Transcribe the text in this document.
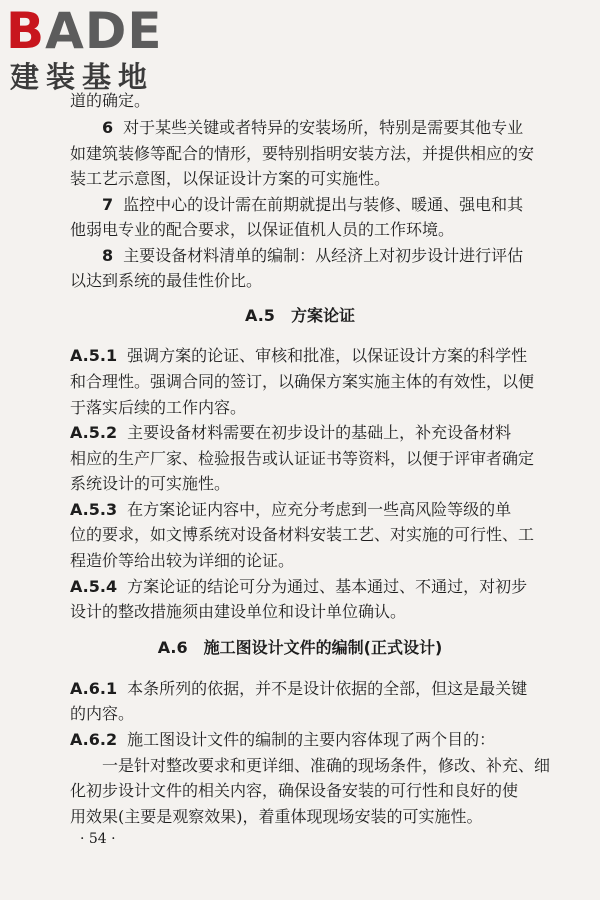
BADE
建装基地
道的确定。
6 对于某些关键或者特异的安装场所，特别是需要其他专业
如建筑装修等配合的情形，要特别指明安装方法，并提供相应的安
装工艺示意图，以保证设计方案的可实施性。
7 监控中心的设计需在前期就提出与装修、暖通、强电和其
他弱电专业的配合要求，以保证值机人员的工作环境。
8 主要设备材料清单的编制：从经济上对初步设计进行评估
以达到系统的最佳性价比。
A.5　方案论证
A.5.1 强调方案的论证、审核和批准，以保证设计方案的科学性
和合理性。强调合同的签订，以确保方案实施主体的有效性，以便
于落实后续的工作内容。
A.5.2 主要设备材料需要在初步设计的基础上，补充设备材料
相应的生产厂家、检验报告或认证证书等资料，以便于评审者确定
系统设计的可实施性。
A.5.3 在方案论证内容中，应充分考虑到一些高风险等级的单
位的要求，如文博系统对设备材料安装工艺、对实施的可行性、工
程造价等给出较为详细的论证。
A.5.4 方案论证的结论可分为通过、基本通过、不通过，对初步
设计的整改措施须由建设单位和设计单位确认。
A.6　施工图设计文件的编制(正式设计)
A.6.1 本条所列的依据，并不是设计依据的全部，但这是最关键
的内容。
A.6.2 施工图设计文件的编制的主要内容体现了两个目的：
一是针对整改要求和更详细、准确的现场条件，修改、补充、细
化初步设计文件的相关内容，确保设备安装的可行性和良好的使
用效果(主要是观察效果)，着重体现现场安装的可实施性。
· 54 ·
